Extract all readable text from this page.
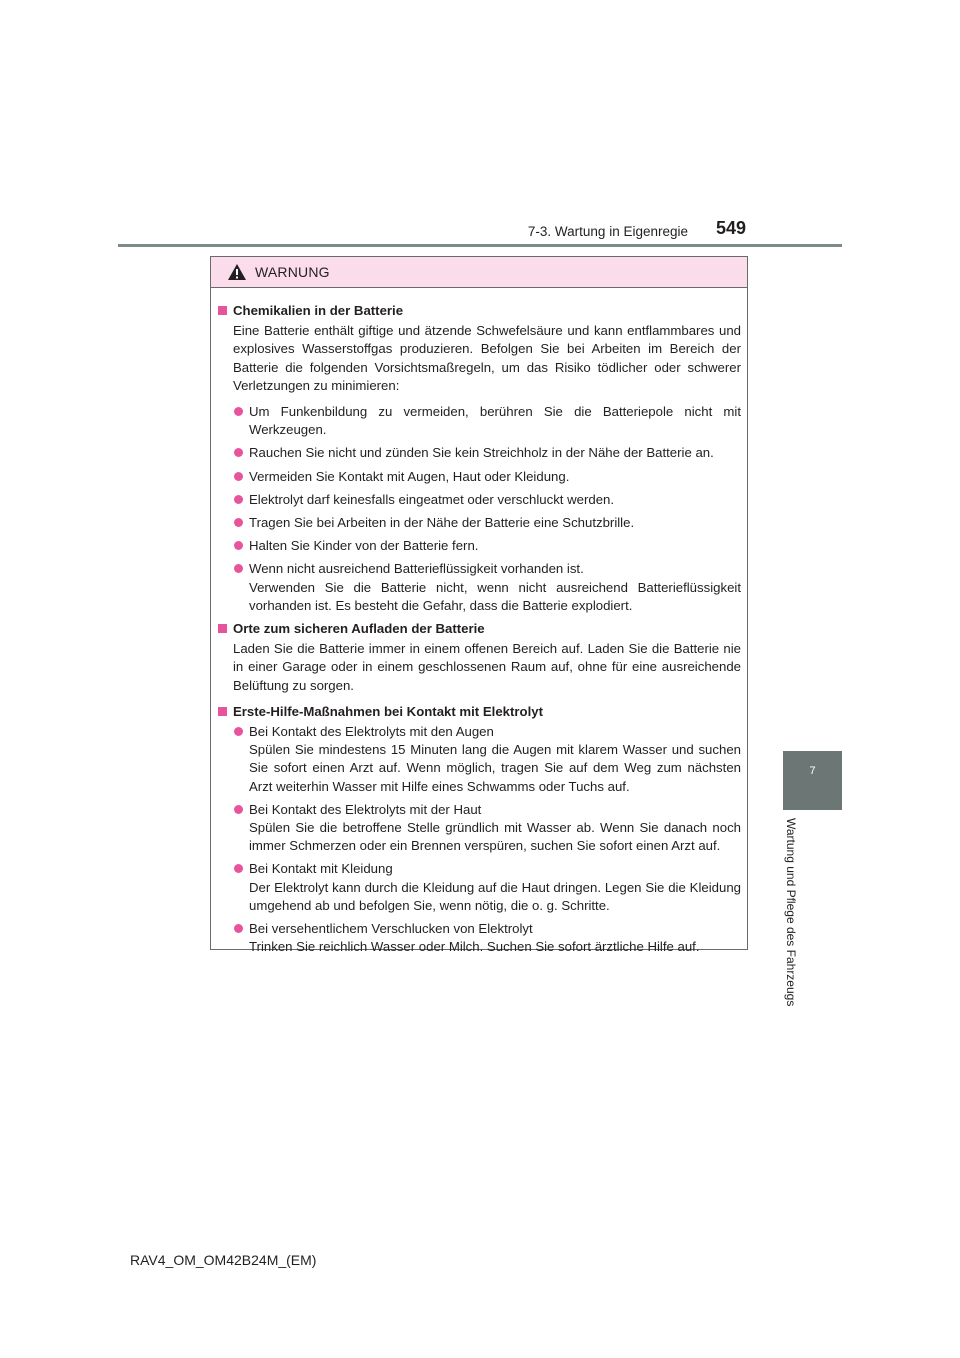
7-3. Wartung in Eigenregie 549
7
Wartung und Pflege des Fahrzeugs
WARNUNG
Chemikalien in der Batterie
Eine Batterie enthält giftige und ätzende Schwefelsäure und kann entflammbares und explosives Wasserstoffgas produzieren. Befolgen Sie bei Arbeiten im Bereich der Batterie die folgenden Vorsichtsmaßregeln, um das Risiko tödlicher oder schwerer Verletzungen zu minimieren:
Um Funkenbildung zu vermeiden, berühren Sie die Batteriepole nicht mit Werkzeugen.
Rauchen Sie nicht und zünden Sie kein Streichholz in der Nähe der Batterie an.
Vermeiden Sie Kontakt mit Augen, Haut oder Kleidung.
Elektrolyt darf keinesfalls eingeatmet oder verschluckt werden.
Tragen Sie bei Arbeiten in der Nähe der Batterie eine Schutzbrille.
Halten Sie Kinder von der Batterie fern.
Wenn nicht ausreichend Batterieflüssigkeit vorhanden ist.
Verwenden Sie die Batterie nicht, wenn nicht ausreichend Batterieflüssigkeit vorhanden ist. Es besteht die Gefahr, dass die Batterie explodiert.
Orte zum sicheren Aufladen der Batterie
Laden Sie die Batterie immer in einem offenen Bereich auf. Laden Sie die Batterie nie in einer Garage oder in einem geschlossenen Raum auf, ohne für eine ausreichende Belüftung zu sorgen.
Erste-Hilfe-Maßnahmen bei Kontakt mit Elektrolyt
Bei Kontakt des Elektrolyts mit den Augen
Spülen Sie mindestens 15 Minuten lang die Augen mit klarem Wasser und suchen Sie sofort einen Arzt auf. Wenn möglich, tragen Sie auf dem Weg zum nächsten Arzt weiterhin Wasser mit Hilfe eines Schwamms oder Tuchs auf.
Bei Kontakt des Elektrolyts mit der Haut
Spülen Sie die betroffene Stelle gründlich mit Wasser ab. Wenn Sie danach noch immer Schmerzen oder ein Brennen verspüren, suchen Sie sofort einen Arzt auf.
Bei Kontakt mit Kleidung
Der Elektrolyt kann durch die Kleidung auf die Haut dringen. Legen Sie die Kleidung umgehend ab und befolgen Sie, wenn nötig, die o. g. Schritte.
Bei versehentlichem Verschlucken von Elektrolyt
Trinken Sie reichlich Wasser oder Milch. Suchen Sie sofort ärztliche Hilfe auf.
RAV4_OM_OM42B24M_(EM)
